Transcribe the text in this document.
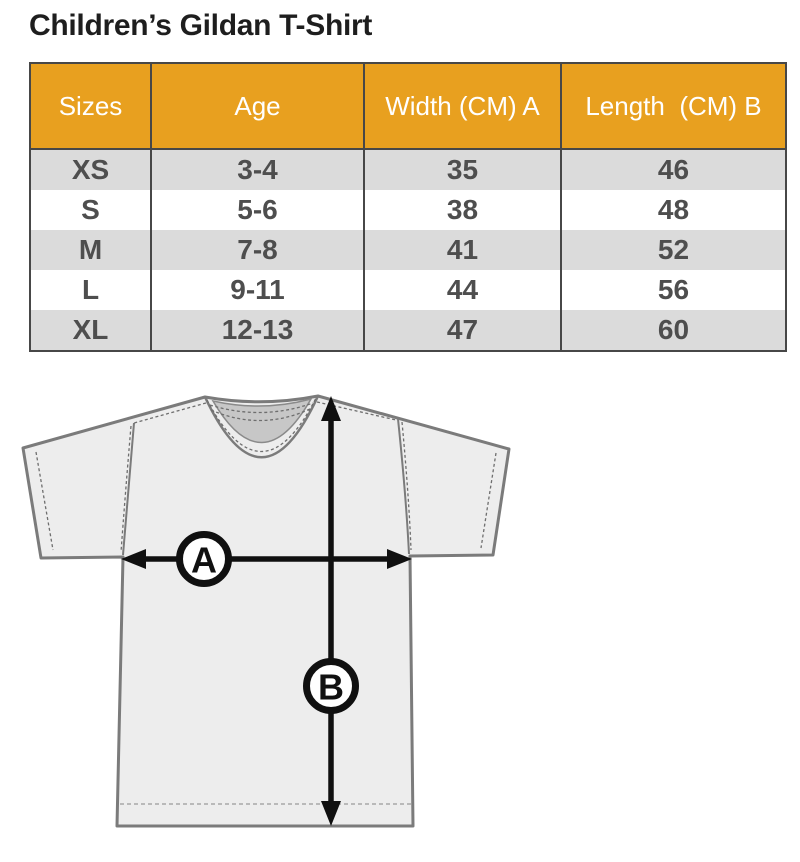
Children’s Gildan T-Shirt
Sizes	Age	Width (CM) A	Length  (CM) B
XS	3-4	35	46
S	5-6	38	48
M	7-8	41	52
L	9-11	44	56
XL	12-13	47	60
A
B
